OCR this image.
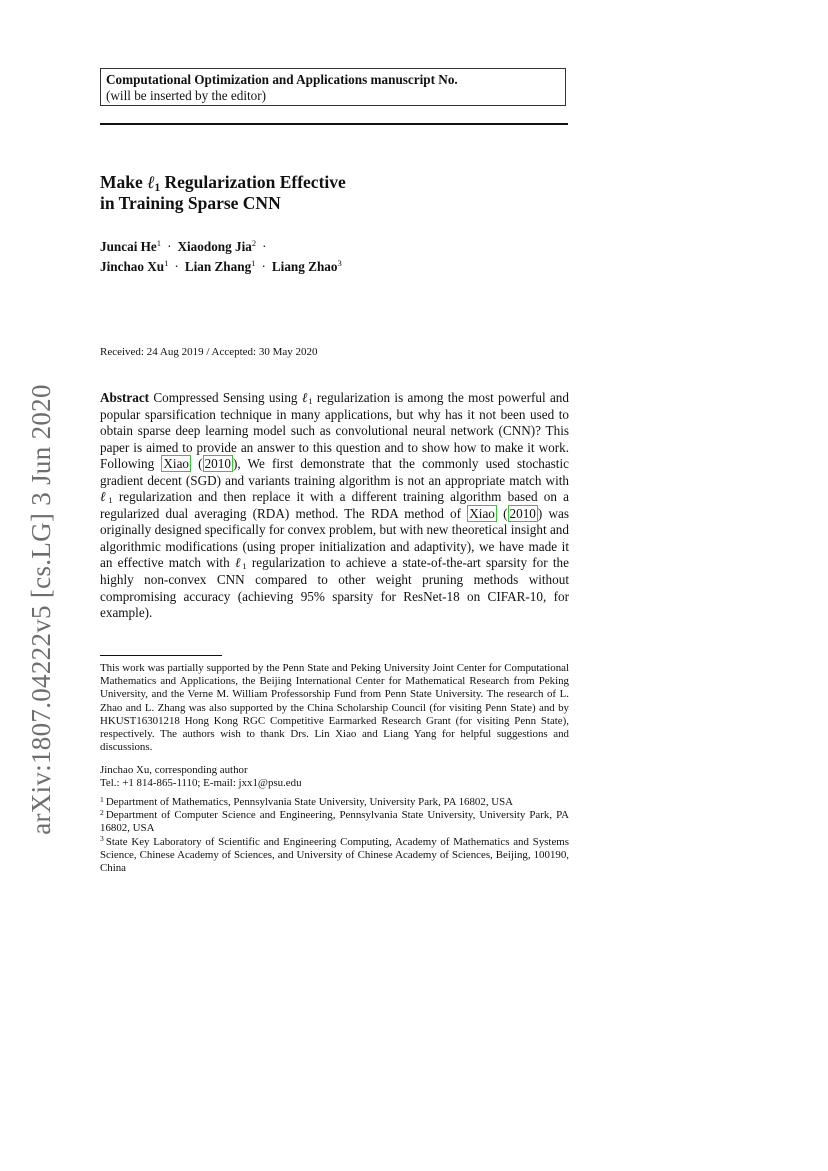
arXiv:1807.04222v5 [cs.LG] 3 Jun 2020
Computational Optimization and Applications manuscript No.
(will be inserted by the editor)
Make ℓ$_1$ Regularization Effective
in Training Sparse CNN
Juncai $He^1$ · Xiaodong Jia$^2$ ·
Jinchao $Xu^1$ · Lian Zhang$^1$ · Liang Zhao$^3$
Received: 24 Aug 2019 / Accepted: 30 May 2020
Abstract Compressed Sensing using ℓ$_1$ regularization is among the most powerful and popular sparsification technique in many applications, but why has it not been used to obtain sparse deep learning model such as convolutional neural network (CNN)? This paper is aimed to provide an answer to this question and to show how to make it work. Following Xiao ( 2010 ), We first demonstrate that the commonly used stochastic gradient decent (SGD) and variants training algorithm is not an appropriate match with ℓ$_1$ regularization and then replace it with a different training algorithm based on a regularized dual averaging (RDA) method. The RDA method of Xiao ( 2010 ) was originally designed specifically for convex problem, but with new theoretical insight and algorithmic modifications (using proper initialization and adaptivity), we have made it an effective match with ℓ$_1$ regularization to achieve a state-of-the-art sparsity for the highly non-convex CNN compared to other weight pruning methods without compromising accuracy (achieving 95% sparsity for ResNet-18 on CIFAR-10, for example).
This work was partially supported by the Penn State and Peking University Joint Center for Computational Mathematics and Applications, the Beijing International Center for Mathematical Research from Peking University, and the Verne M. William Professorship Fund from Penn State University. The research of L. Zhao and L. Zhang was also supported by the China Scholarship Council (for visiting Penn State) and by HKUST16301218 Hong Kong RGC Competitive Earmarked Research Grant (for visiting Penn State), respectively. The authors wish to thank Drs. Lin Xiao and Liang Yang for helpful suggestions and discussions.
Jinchao Xu, corresponding author
Tel.: +1 814-865-1110; E-mail: jxx1@psu.edu
$^1$ Department of Mathematics, Pennsylvania State University, University Park, PA 16802, USA
$^2$ Department of Computer Science and Engineering, Pennsylvania State University, University Park, PA 16802, USA
$^3$ State Key Laboratory of Scientific and Engineering Computing, Academy of Mathematics and Systems Science, Chinese Academy of Sciences, and University of Chinese Academy of Sciences, Beijing, 100190, China
